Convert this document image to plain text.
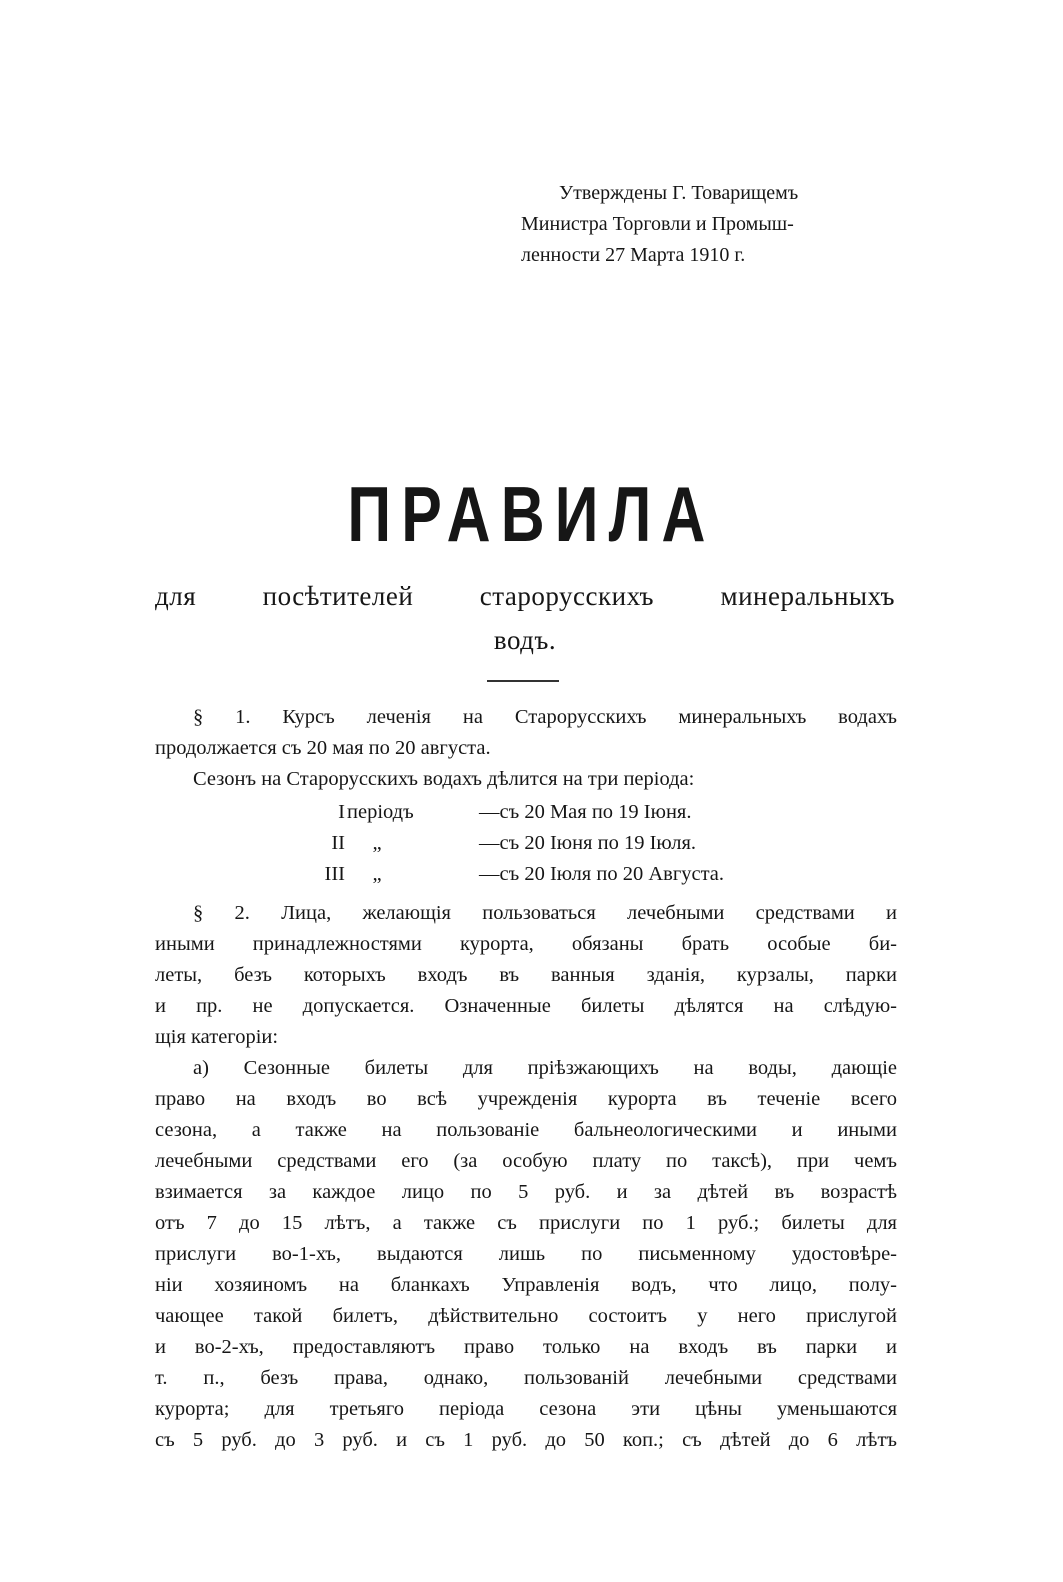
Утверждены Г. Товарищемъ
Министра Торговли и Промыш-
ленности 27 Марта 1910 г.
ПРАВИЛА
для посѣтителей старорусскихъ минеральныхъ
водъ.
§ 1. Курсъ леченія на Старорусскихъ минеральныхъ водахъ
продолжается съ 20 мая по 20 августа.
Сезонъ на Старорусскихъ водахъ дѣлится на три періода:
I періодъ	—съ 20 Мая по 19 Іюня.
II	„	—съ 20 Іюня по 19 Іюля.
III	„	—съ 20 Іюля по 20 Августа.
§ 2. Лица, желающія пользоваться лечебными средствами и
иными принадлежностями курорта, обязаны брать особые би-
леты, безъ которыхъ входъ въ ванныя зданія, курзалы, парки
и пр. не допускается. Означенные билеты дѣлятся на слѣдую-
щія категоріи:
а) Сезонные билеты для пріѣзжающихъ на воды, дающіе
право на входъ во всѣ учрежденія курорта въ теченіе всего
сезона, а также на пользованіе бальнеологическими и иными
лечебными средствами его (за особую плату по таксѣ), при чемъ
взимается за каждое лицо по 5 руб. и за дѣтей въ возрастѣ
отъ 7 до 15 лѣтъ, а также съ прислуги по 1 руб.; билеты для
прислуги во-1-хъ, выдаются лишь по письменному удостовѣре-
ніи хозяиномъ на бланкахъ Управленія водъ, что лицо, полу-
чающее такой билетъ, дѣйствительно состоитъ у него прислугой
и во-2-хъ, предоставляютъ право только на входъ въ парки и
т. п., безъ права, однако, пользованій лечебными средствами
курорта; для третьяго періода сезона эти цѣны уменьшаются
съ 5 руб. до 3 руб. и съ 1 руб. до 50 коп.; съ дѣтей до 6 лѣтъ
